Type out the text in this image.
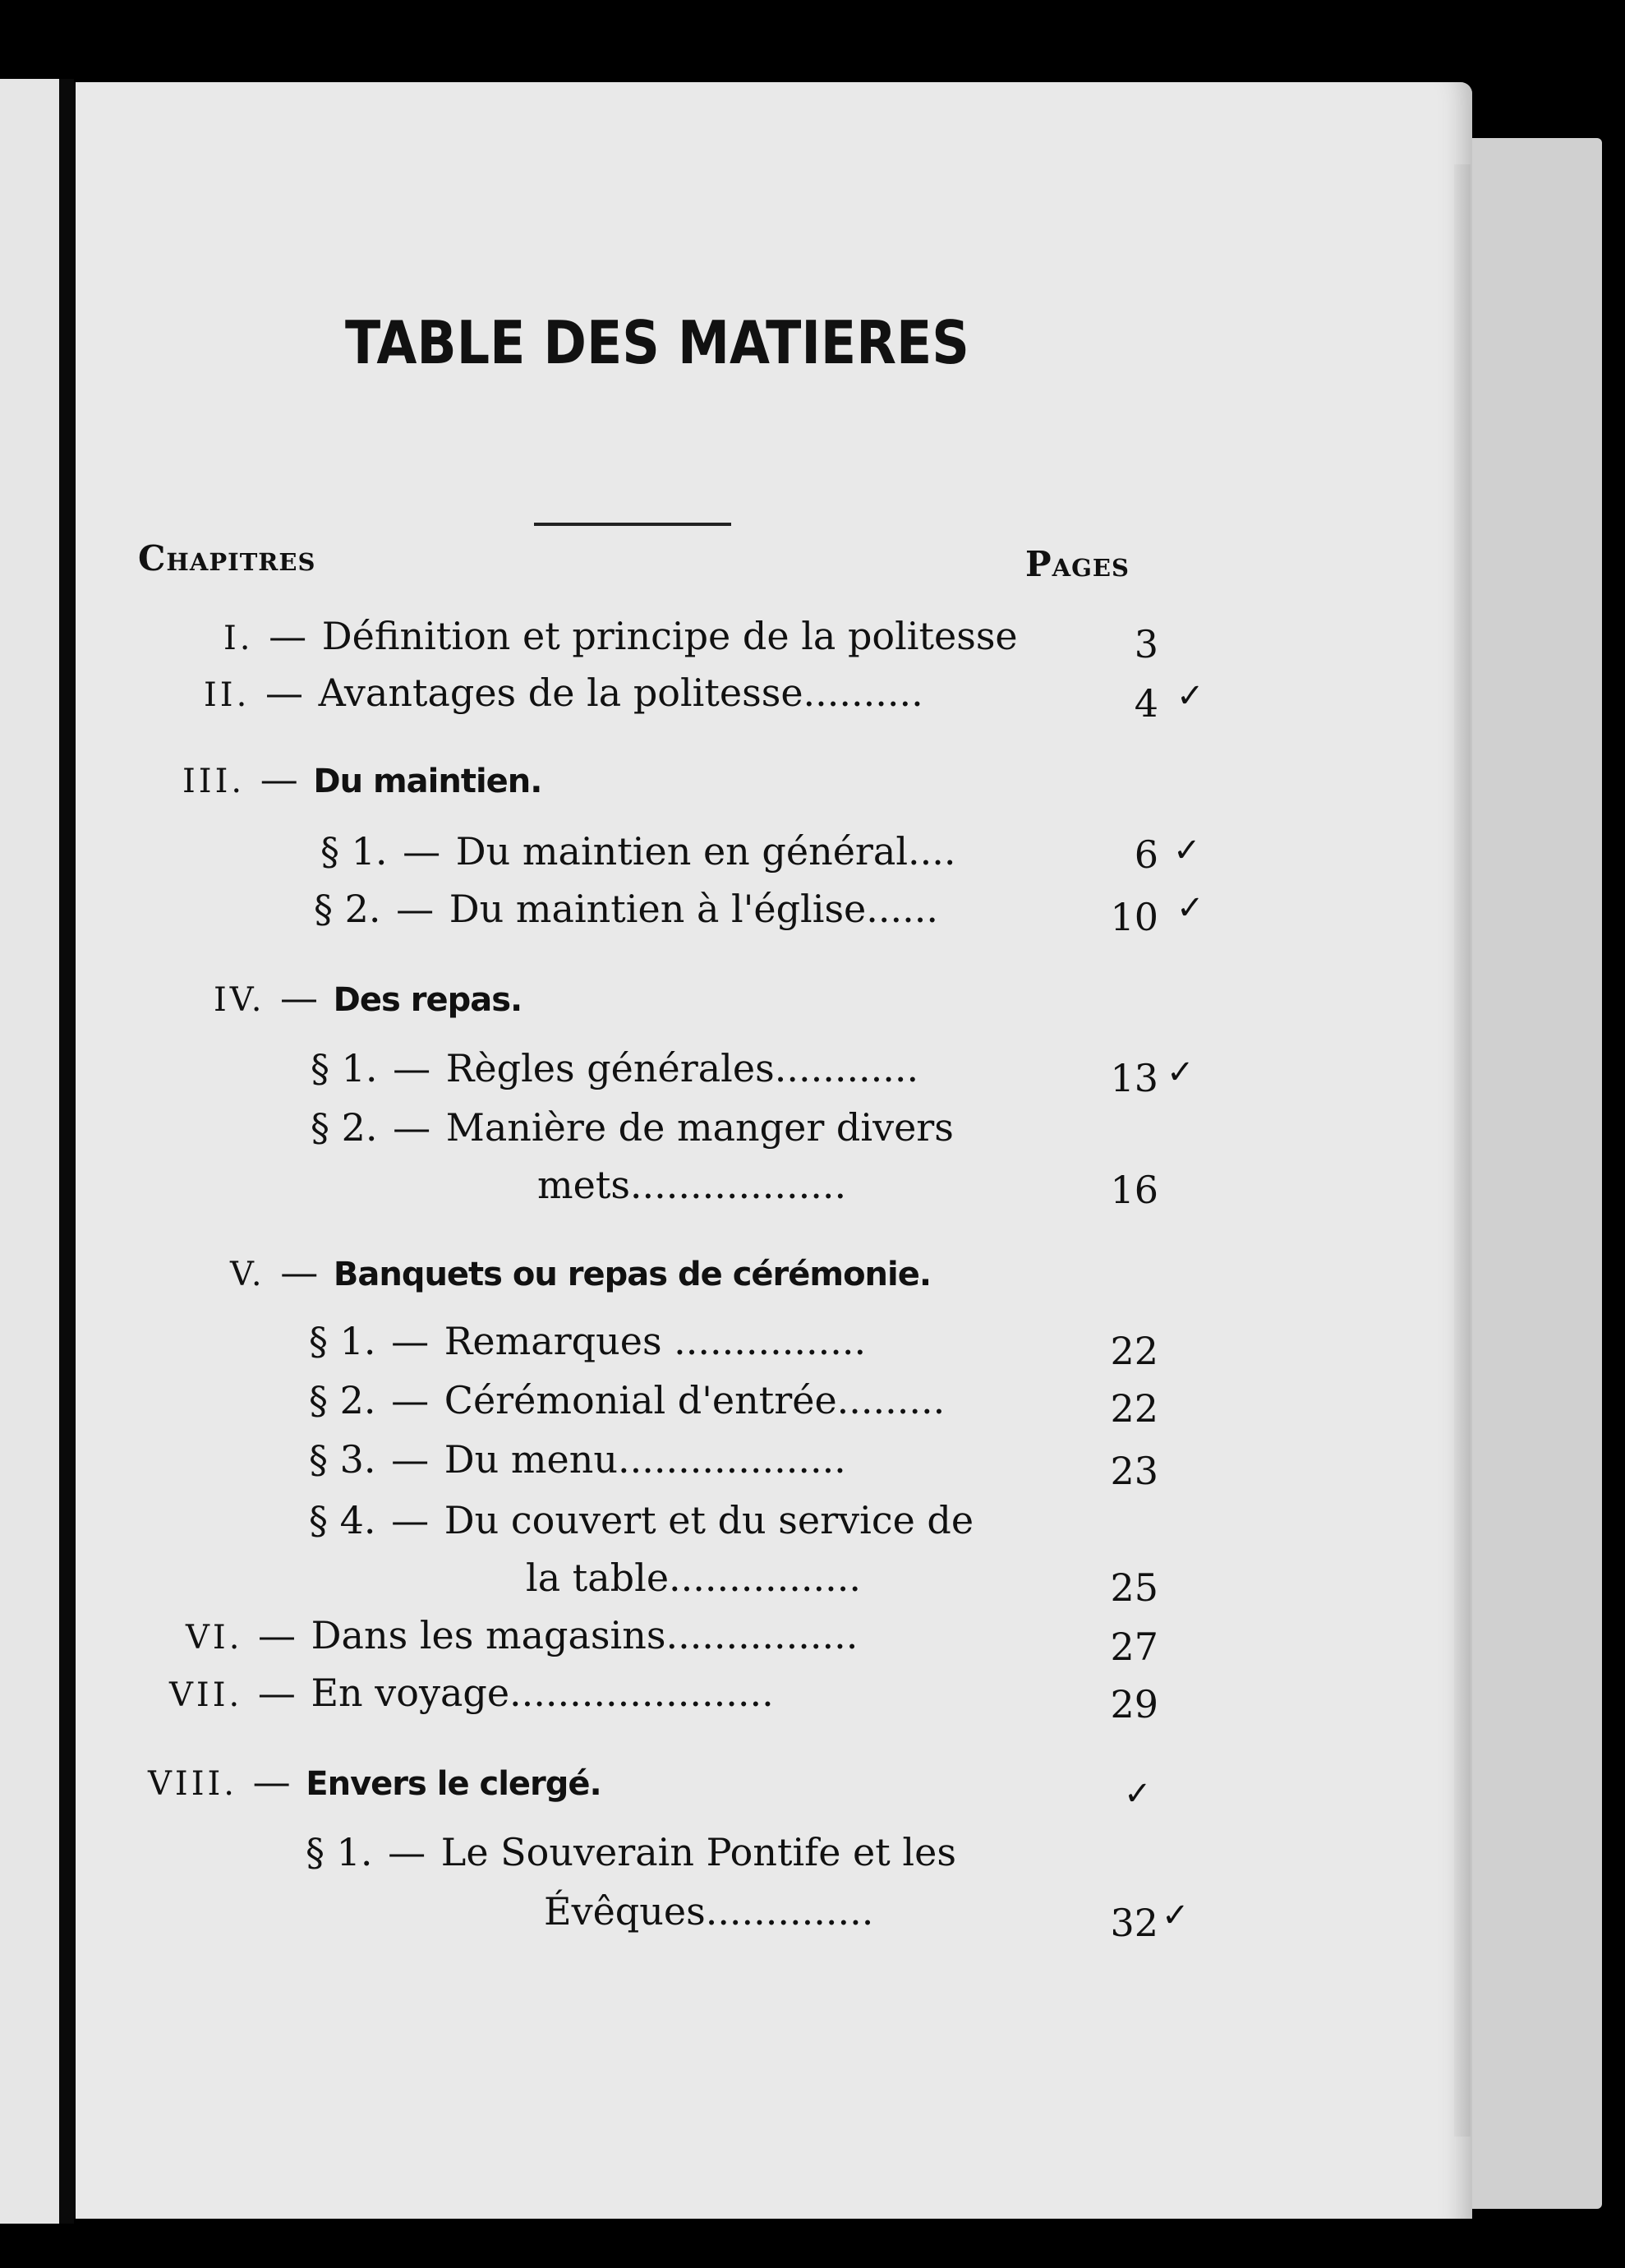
TABLE DES MATIERES
Chapitres	Pages
I. — Définition et principe de la politesse	3
II. — Avantages de la politesse..........	4 ✓
III. — Du maintien.
§ 1. — Du maintien en général....	6 ✓
§ 2. — Du maintien à l'église......	10 ✓
IV. — Des repas.
§ 1. — Règles générales............	13 ✓
§ 2. — Manière de manger divers
mets..................	16
V. — Banquets ou repas de cérémonie.
§ 1. — Remarques ................	22
§ 2. — Cérémonial d'entrée.........	22
§ 3. — Du menu...................	23
§ 4. — Du couvert et du service de
la table................	25
VI. — Dans les magasins................	27
VII. — En voyage......................	29
VIII. — Envers le clergé.	✓
§ 1. — Le Souverain Pontife et les
Évêques..............	32 ✓
